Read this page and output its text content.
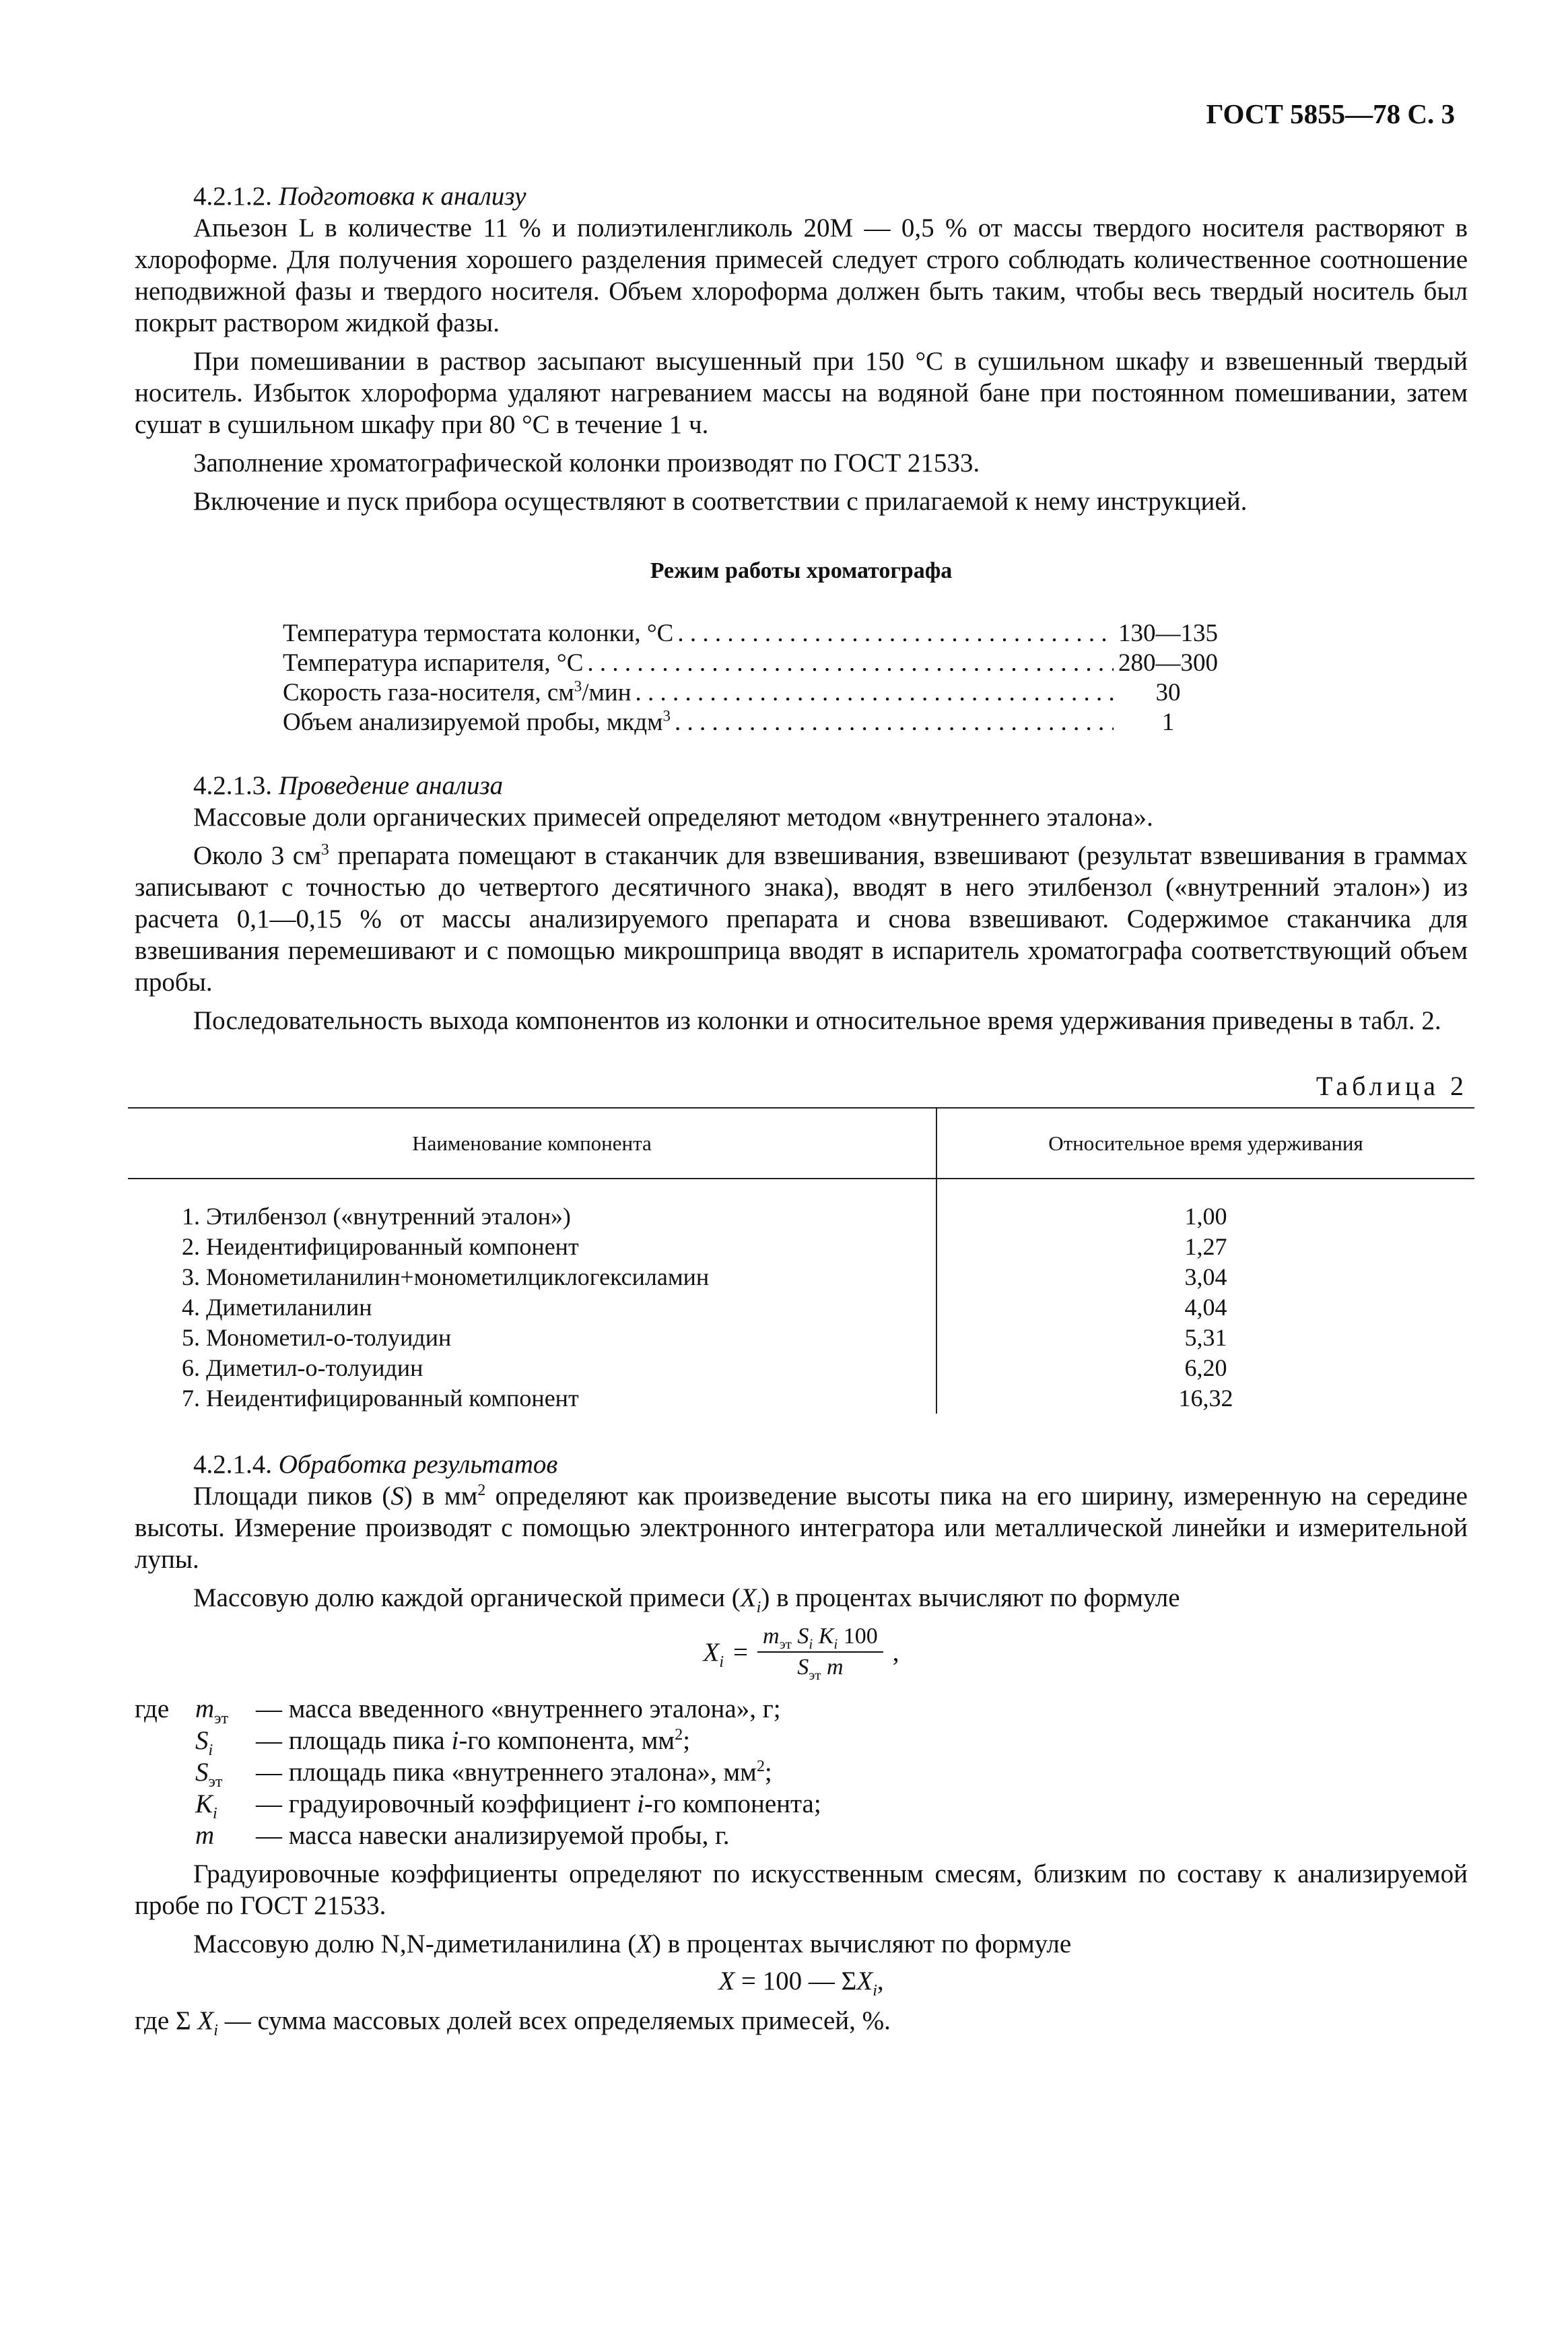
ГОСТ 5855—78 С. 3

4.2.1.2. Подготовка к анализу

Апьезон L в количестве 11 % и полиэтиленгликоль 20М — 0,5 % от массы твердого носителя растворяют в хлороформе. Для получения хорошего разделения примесей следует строго соблюдать количественное соотношение неподвижной фазы и твердого носителя. Объем хлороформа должен быть таким, чтобы весь твердый носитель был покрыт раствором жидкой фазы.

При помешивании в раствор засыпают высушенный при 150 °C в сушильном шкафу и взвешенный твердый носитель. Избыток хлороформа удаляют нагреванием массы на водяной бане при постоянном помешивании, затем сушат в сушильном шкафу при 80 °C в течение 1 ч.

Заполнение хроматографической колонки производят по ГОСТ 21533.

Включение и пуск прибора осуществляют в соответствии с прилагаемой к нему инструкцией.

Режим работы хроматографа
Температура термостата колонки, °С . . .	130—135
Температура испарителя, °С . . .	280—300
Скорость газа-носителя, $см^3$/мин . . .	30
Объем анализируемой пробы, мкдм$^3$ . . .	1

4.2.1.3. Проведение анализа

Массовые доли органических примесей определяют методом «внутреннего эталона».

Около 3 $см^3$ препарата помещают в стаканчик для взвешивания, взвешивают (результат взвешивания в граммах записывают с точностью до четвертого десятичного знака), вводят в него этилбензол («внутренний эталон») из расчета 0,1—0,15 % от массы анализируемого препарата и снова взвешивают. Содержимое стаканчика для взвешивания перемешивают и с помощью микрошприца вводят в испаритель хроматографа соответствующий объем пробы.

Последовательность выхода компонентов из колонки и относительное время удерживания приведены в табл. 2.

Таблица 2
Наименование компонента	Относительное время удерживания
1. Этилбензол («внутренний эталон»)	1,00
2. Неидентифицированный компонент	1,27
3. Монометиланилин+монометилциклогексиламин	3,04
4. Диметиланилин	4,04
5. Монометил-о-толуидин	5,31
6. Диметил-о-толуидин	6,20
7. Неидентифицированный компонент	16,32

4.2.1.4. Обработка результатов

Площади пиков (S) в $мм^2$ определяют как произведение высоты пика на его ширину, измеренную на середине высоты. Измерение производят с помощью электронного интегратора или металлической линейки и измерительной лупы.

Массовую долю каждой органической примеси $(X_i)$ в процентах вычисляют по формуле

$X_i = \frac{m_{эт} S_i K_i 100}{S_{эт} m}$ ,
где $m_{эт}$	— масса введенного «внутреннего эталона», г;
$S_i$	— площадь пика i-го компонента, $мм^2$;
$S_{эт}$	— площадь пика «внутреннего эталона», $мм^2$;
$K_i$	— градуировочный коэффициент i-го компонента;
m	— масса навески анализируемой пробы, г.

Градуировочные коэффициенты определяют по искусственным смесям, близким по составу к анализируемой пробе по ГОСТ 21533.

Массовую долю N,N-диметиланилина (X) в процентах вычисляют по формуле

X = 100 — $\Sigma X_i$,

где Σ $X_i$ — сумма массовых долей всех определяемых примесей, %.
